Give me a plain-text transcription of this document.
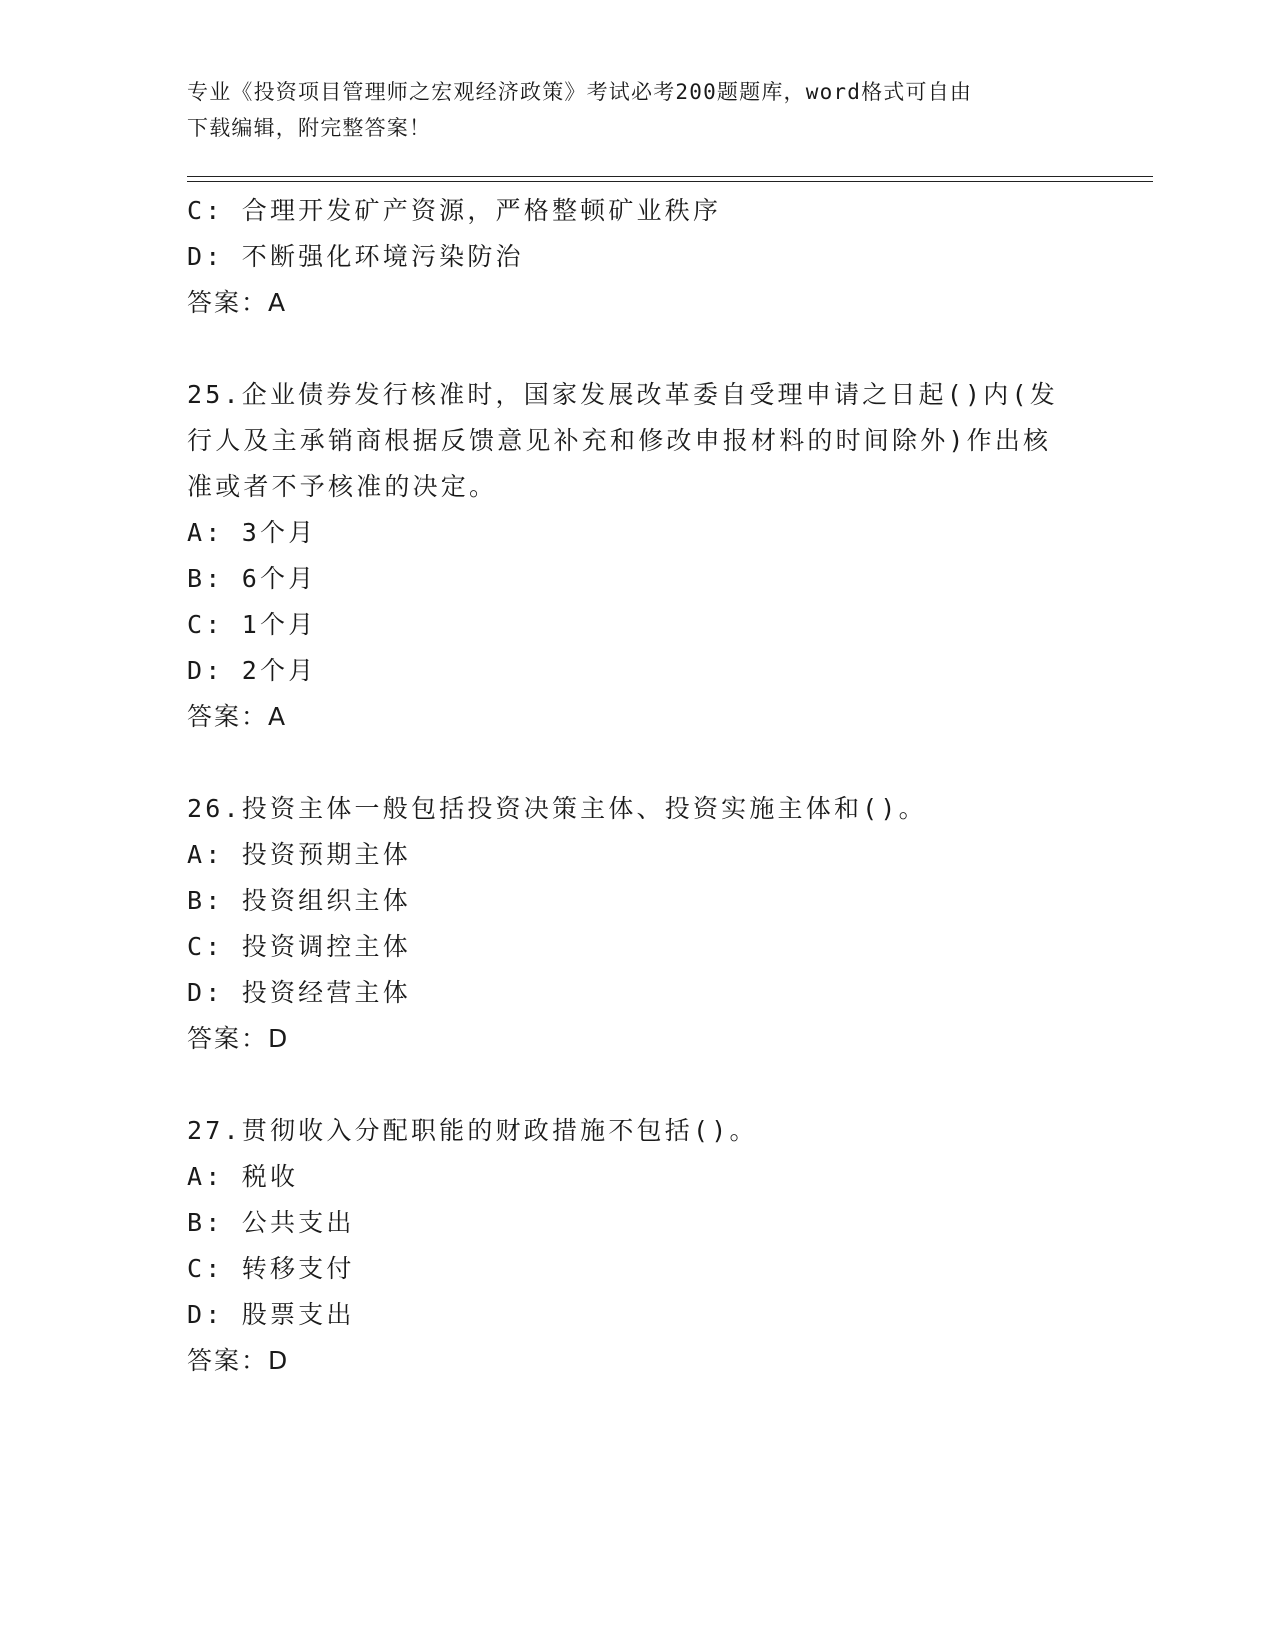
专业《投资项目管理师之宏观经济政策》考试必考200题题库，word格式可自由
下载编辑，附完整答案！
C: 合理开发矿产资源，严格整顿矿业秩序
D: 不断强化环境污染防治
答案：A
25.企业债券发行核准时，国家发展改革委自受理申请之日起()内(发
行人及主承销商根据反馈意见补充和修改申报材料的时间除外)作出核
准或者不予核准的决定。
A: 3个月
B: 6个月
C: 1个月
D: 2个月
答案：A
26.投资主体一般包括投资决策主体、投资实施主体和()。
A: 投资预期主体
B: 投资组织主体
C: 投资调控主体
D: 投资经营主体
答案：D
27.贯彻收入分配职能的财政措施不包括()。
A: 税收
B: 公共支出
C: 转移支付
D: 股票支出
答案：D
